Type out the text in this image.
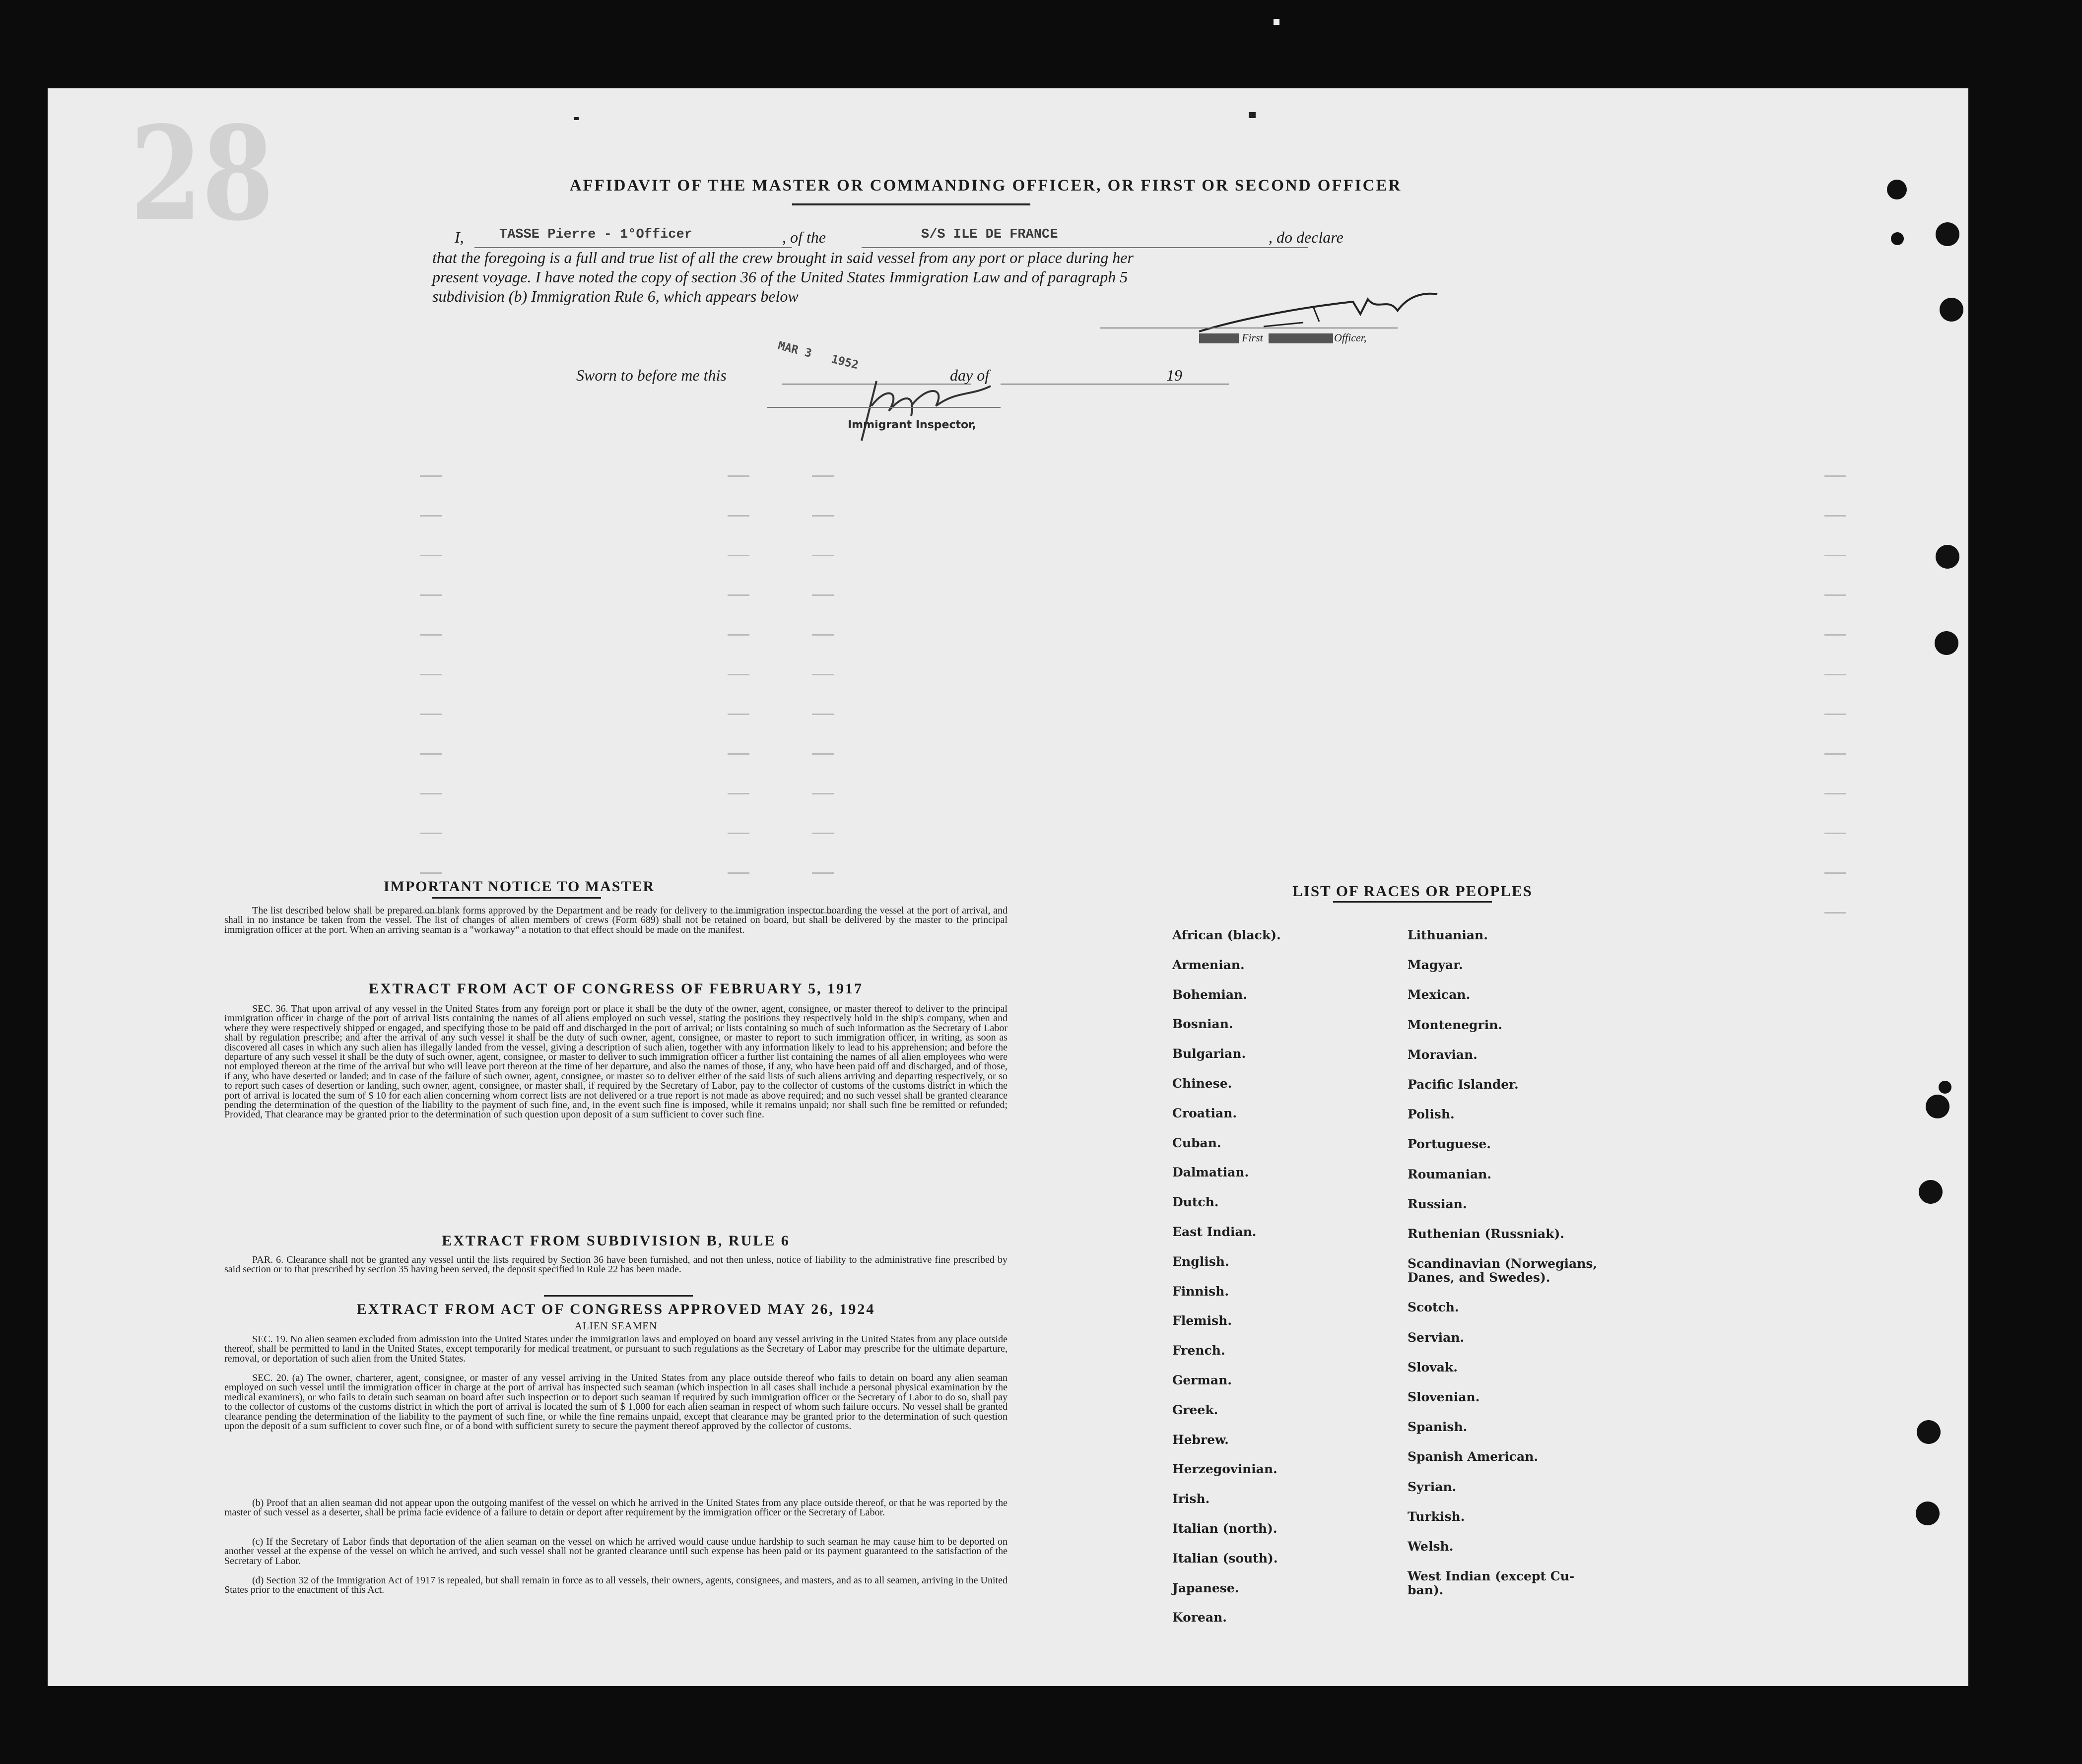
28	AFFIDAVIT OF THE MASTER OR COMMANDING OFFICER, OR FIRST OR SECOND OFFICER
I,	TASSE Pierre - 1°Officer	, of the	S/S ILE DE FRANCE	, do declare
that the foregoing is a full and true list of all the crew brought in said vessel from any port or place during her
present voyage. I have noted the copy of section 36 of the United States Immigration Law and of paragraph 5
subdivision (b) Immigration Rule 6, which appears below
First	Officer,
Sworn to before me this
MAR 3   1952
day of	19
Immigrant Inspector,
IMPORTANT NOTICE TO MASTER
The list described below shall be prepared on blank forms approved by the Department and be ready for delivery to the immigration inspector boarding the vessel at the port of arrival, and shall in no instance be taken from the vessel. The list of changes of alien members of crews (Form 689) shall not be retained on board, but shall be delivered by the master to the principal immigration officer at the port. When an arriving seaman is a "workaway" a notation to that effect should be made on the manifest.
EXTRACT FROM ACT OF CONGRESS OF FEBRUARY 5, 1917
SEC. 36. That upon arrival of any vessel in the United States from any foreign port or place it shall be the duty of the owner, agent, consignee, or master thereof to deliver to the principal immigration officer in charge of the port of arrival lists containing the names of all aliens employed on such vessel, stating the positions they respectively hold in the ship's company, when and where they were respectively shipped or engaged, and specifying those to be paid off and discharged in the port of arrival; or lists containing so much of such information as the Secretary of Labor shall by regulation prescribe; and after the arrival of any such vessel it shall be the duty of such owner, agent, consignee, or master to report to such immigration officer, in writing, as soon as discovered all cases in which any such alien has illegally landed from the vessel, giving a description of such alien, together with any information likely to lead to his apprehension; and before the departure of any such vessel it shall be the duty of such owner, agent, consignee, or master to deliver to such immigration officer a further list containing the names of all alien employees who were not employed thereon at the time of the arrival but who will leave port thereon at the time of her departure, and also the names of those, if any, who have been paid off and discharged, and of those, if any, who have deserted or landed; and in case of the failure of such owner, agent, consignee, or master so to deliver either of the said lists of such aliens arriving and departing respectively, or so to report such cases of desertion or landing, such owner, agent, consignee, or master shall, if required by the Secretary of Labor, pay to the collector of customs of the customs district in which the port of arrival is located the sum of $ 10 for each alien concerning whom correct lists are not delivered or a true report is not made as above required; and no such vessel shall be granted clearance pending the determination of the question of the liability to the payment of such fine, and, in the event such fine is imposed, while it remains unpaid; nor shall such fine be remitted or refunded; Provided, That clearance may be granted prior to the determination of such question upon deposit of a sum sufficient to cover such fine.
EXTRACT FROM SUBDIVISION B, RULE 6
PAR. 6. Clearance shall not be granted any vessel until the lists required by Section 36 have been furnished, and not then unless, notice of liability to the administrative fine prescribed by said section or to that prescribed by section 35 having been served, the deposit specified in Rule 22 has been made.
EXTRACT FROM ACT OF CONGRESS APPROVED MAY 26, 1924
ALIEN SEAMEN
SEC. 19. No alien seamen excluded from admission into the United States under the immigration laws and employed on board any vessel arriving in the United States from any place outside thereof, shall be permitted to land in the United States, except temporarily for medical treatment, or pursuant to such regulations as the Secretary of Labor may prescribe for the ultimate departure, removal, or deportation of such alien from the United States.
SEC. 20. (a) The owner, charterer, agent, consignee, or master of any vessel arriving in the United States from any place outside thereof who fails to detain on board any alien seaman employed on such vessel until the immigration officer in charge at the port of arrival has inspected such seaman (which inspection in all cases shall include a personal physical examination by the medical examiners), or who fails to detain such seaman on board after such inspection or to deport such seaman if required by such immigration officer or the Secretary of Labor to do so, shall pay to the collector of customs of the customs district in which the port of arrival is located the sum of $ 1,000 for each alien seaman in respect of whom such failure occurs. No vessel shall be granted clearance pending the determination of the liability to the payment of such fine, or while the fine remains unpaid, except that clearance may be granted prior to the determination of such question upon the deposit of a sum sufficient to cover such fine, or of a bond with sufficient surety to secure the payment thereof approved by the collector of customs.
(b) Proof that an alien seaman did not appear upon the outgoing manifest of the vessel on which he arrived in the United States from any place outside thereof, or that he was reported by the master of such vessel as a deserter, shall be prima facie evidence of a failure to detain or deport after requirement by the immigration officer or the Secretary of Labor.
(c) If the Secretary of Labor finds that deportation of the alien seaman on the vessel on which he arrived would cause undue hardship to such seaman he may cause him to be deported on another vessel at the expense of the vessel on which he arrived, and such vessel shall not be granted clearance until such expense has been paid or its payment guaranteed to the satisfaction of the Secretary of Labor.
(d) Section 32 of the Immigration Act of 1917 is repealed, but shall remain in force as to all vessels, their owners, agents, consignees, and masters, and as to all seamen, arriving in the United States prior to the enactment of this Act.
LIST OF RACES OR PEOPLES
African (black).
Armenian.
Bohemian.
Bosnian.
Bulgarian.
Chinese.
Croatian.
Cuban.
Dalmatian.
Dutch.
East Indian.
English.
Finnish.
Flemish.
French.
German.
Greek.
Hebrew.
Herzegovinian.
Irish.
Italian (north).
Italian (south).
Japanese.
Korean.
Lithuanian.
Magyar.
Mexican.
Montenegrin.
Moravian.
Pacific Islander.
Polish.
Portuguese.
Roumanian.
Russian.
Ruthenian (Russniak).
Scandinavian (Norwegians,
Danes, and Swedes).
Scotch.
Servian.
Slovak.
Slovenian.
Spanish.
Spanish American.
Syrian.
Turkish.
Welsh.
West Indian (except Cu-
ban).
